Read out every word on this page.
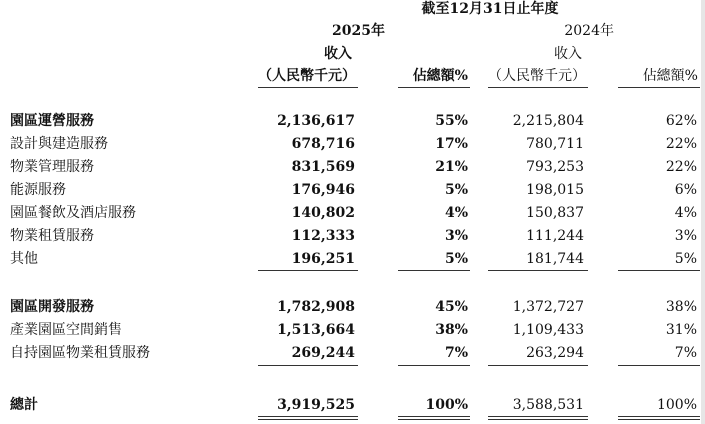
截至12月31日止年度
2025年	2024年
收入	收入
（人民幣千元）	佔總額%	（人民幣千元）	佔總額%
園區運營服務	2,136,617	55%	2,215,804	62%
設計與建造服務	678,716	17%	780,711	22%
物業管理服務	831,569	21%	793,253	22%
能源服務	176,946	5%	198,015	6%
園區餐飲及酒店服務	140,802	4%	150,837	4%
物業租賃服務	112,333	3%	111,244	3%
其他	196,251	5%	181,744	5%
園區開發服務	1,782,908	45%	1,372,727	38%
產業園區空間銷售	1,513,664	38%	1,109,433	31%
自持園區物業租賃服務	269,244	7%	263,294	7%
總計	3,919,525	100%	3,588,531	100%
